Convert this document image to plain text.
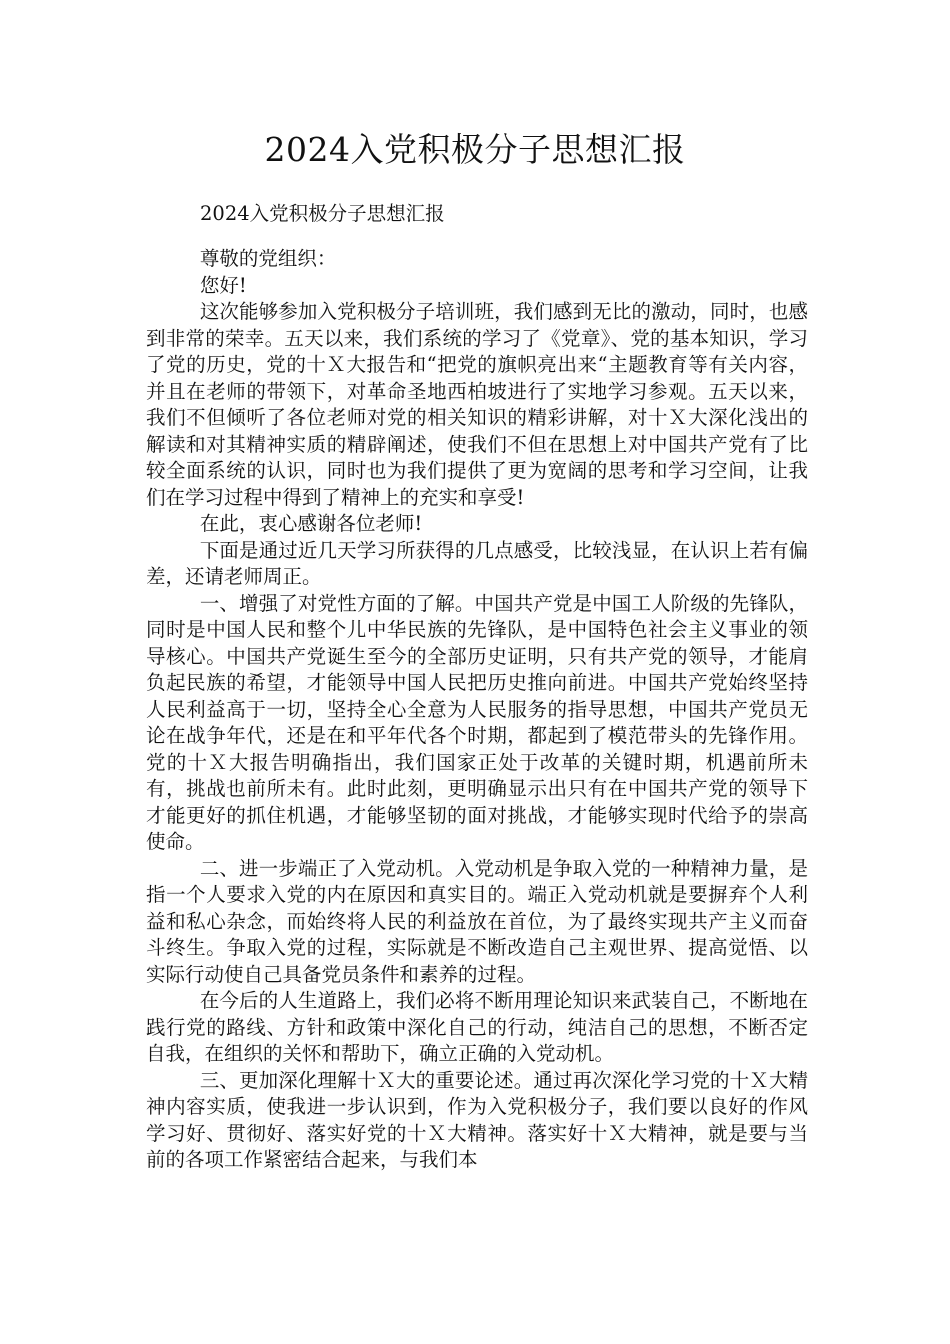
2024入党积极分子思想汇报

2024入党积极分子思想汇报

尊敬的党组织：

您好!

这次能够参加入党积极分子培训班，我们感到无比的激动，同时，也感到非常的荣幸。五天以来，我们系统的学习了《党章》、党的基本知识，学习了党的历史，党的十Ｘ大报告和“把党的旗帜亮出来“主题教育等有关内容，并且在老师的带领下，对革命圣地西柏坡进行了实地学习参观。五天以来，我们不但倾听了各位老师对党的相关知识的精彩讲解，对十Ｘ大深化浅出的解读和对其精神实质的精辟阐述，使我们不但在思想上对中国共产党有了比较全面系统的认识，同时也为我们提供了更为宽阔的思考和学习空间，让我们在学习过程中得到了精神上的充实和享受!

在此，衷心感谢各位老师!

下面是通过近几天学习所获得的几点感受，比较浅显，在认识上若有偏差，还请老师周正。

一、增强了对党性方面的了解。中国共产党是中国工人阶级的先锋队，同时是中国人民和整个儿中华民族的先锋队，是中国特色社会主义事业的领导核心。中国共产党诞生至今的全部历史证明，只有共产党的领导，才能肩负起民族的希望，才能领导中国人民把历史推向前进。中国共产党始终坚持人民利益高于一切，坚持全心全意为人民服务的指导思想，中国共产党员无论在战争年代，还是在和平年代各个时期，都起到了模范带头的先锋作用。党的十Ｘ大报告明确指出，我们国家正处于改革的关键时期，机遇前所未有，挑战也前所未有。此时此刻，更明确显示出只有在中国共产党的领导下才能更好的抓住机遇，才能够坚韧的面对挑战，才能够实现时代给予的崇高使命。

二、进一步端正了入党动机。入党动机是争取入党的一种精神力量，是指一个人要求入党的内在原因和真实目的。端正入党动机就是要摒弃个人利益和私心杂念，而始终将人民的利益放在首位，为了最终实现共产主义而奋斗终生。争取入党的过程，实际就是不断改造自己主观世界、提高觉悟、以实际行动使自己具备党员条件和素养的过程。

在今后的人生道路上，我们必将不断用理论知识来武装自己，不断地在践行党的路线、方针和政策中深化自己的行动，纯洁自己的思想，不断否定自我，在组织的关怀和帮助下，确立正确的入党动机。

三、更加深化理解十Ｘ大的重要论述。通过再次深化学习党的十Ｘ大精神内容实质，使我进一步认识到，作为入党积极分子，我们要以良好的作风学习好、贯彻好、落实好党的十Ｘ大精神。落实好十Ｘ大精神，就是要与当前的各项工作紧密结合起来，与我们本
